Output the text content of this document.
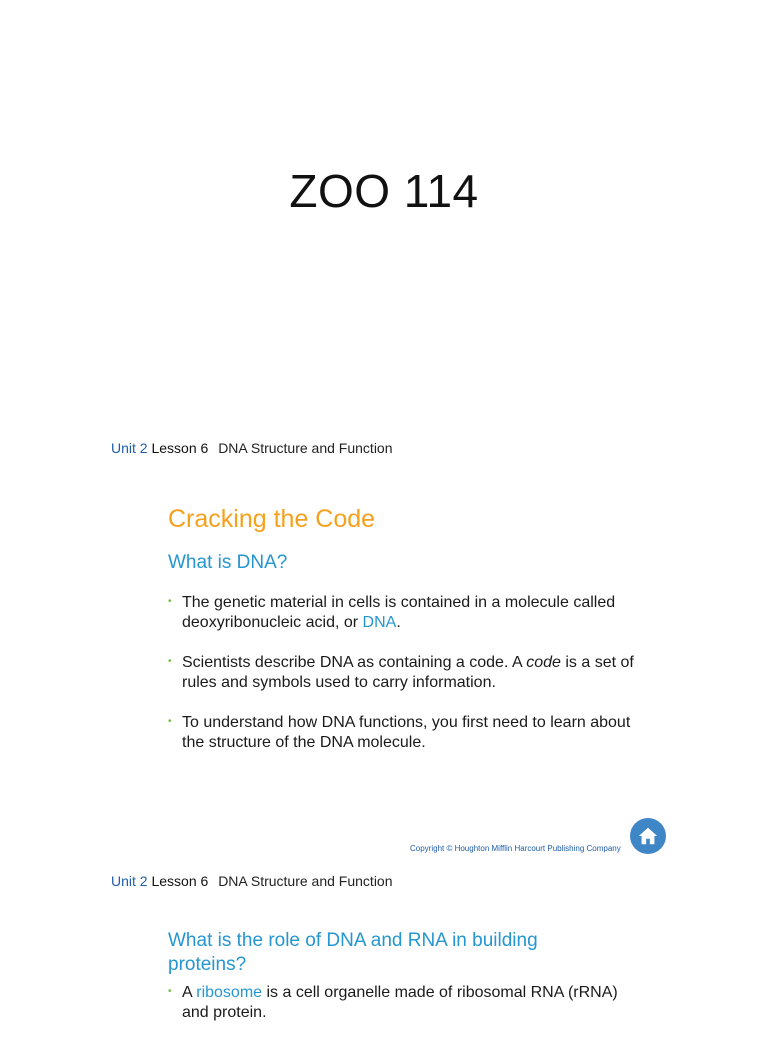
ZOO 114
Unit 2 Lesson 6 DNA Structure and Function
Cracking the Code
What is DNA?
• The genetic material in cells is contained in a molecule called deoxyribonucleic acid, or DNA.
• Scientists describe DNA as containing a code. A code is a set of rules and symbols used to carry information.
• To understand how DNA functions, you first need to learn about the structure of the DNA molecule.
Copyright © Houghton Mifflin Harcourt Publishing Company
Unit 2 Lesson 6 DNA Structure and Function
What is the role of DNA and RNA in building proteins?
• A ribosome is a cell organelle made of ribosomal RNA (rRNA) and protein.
